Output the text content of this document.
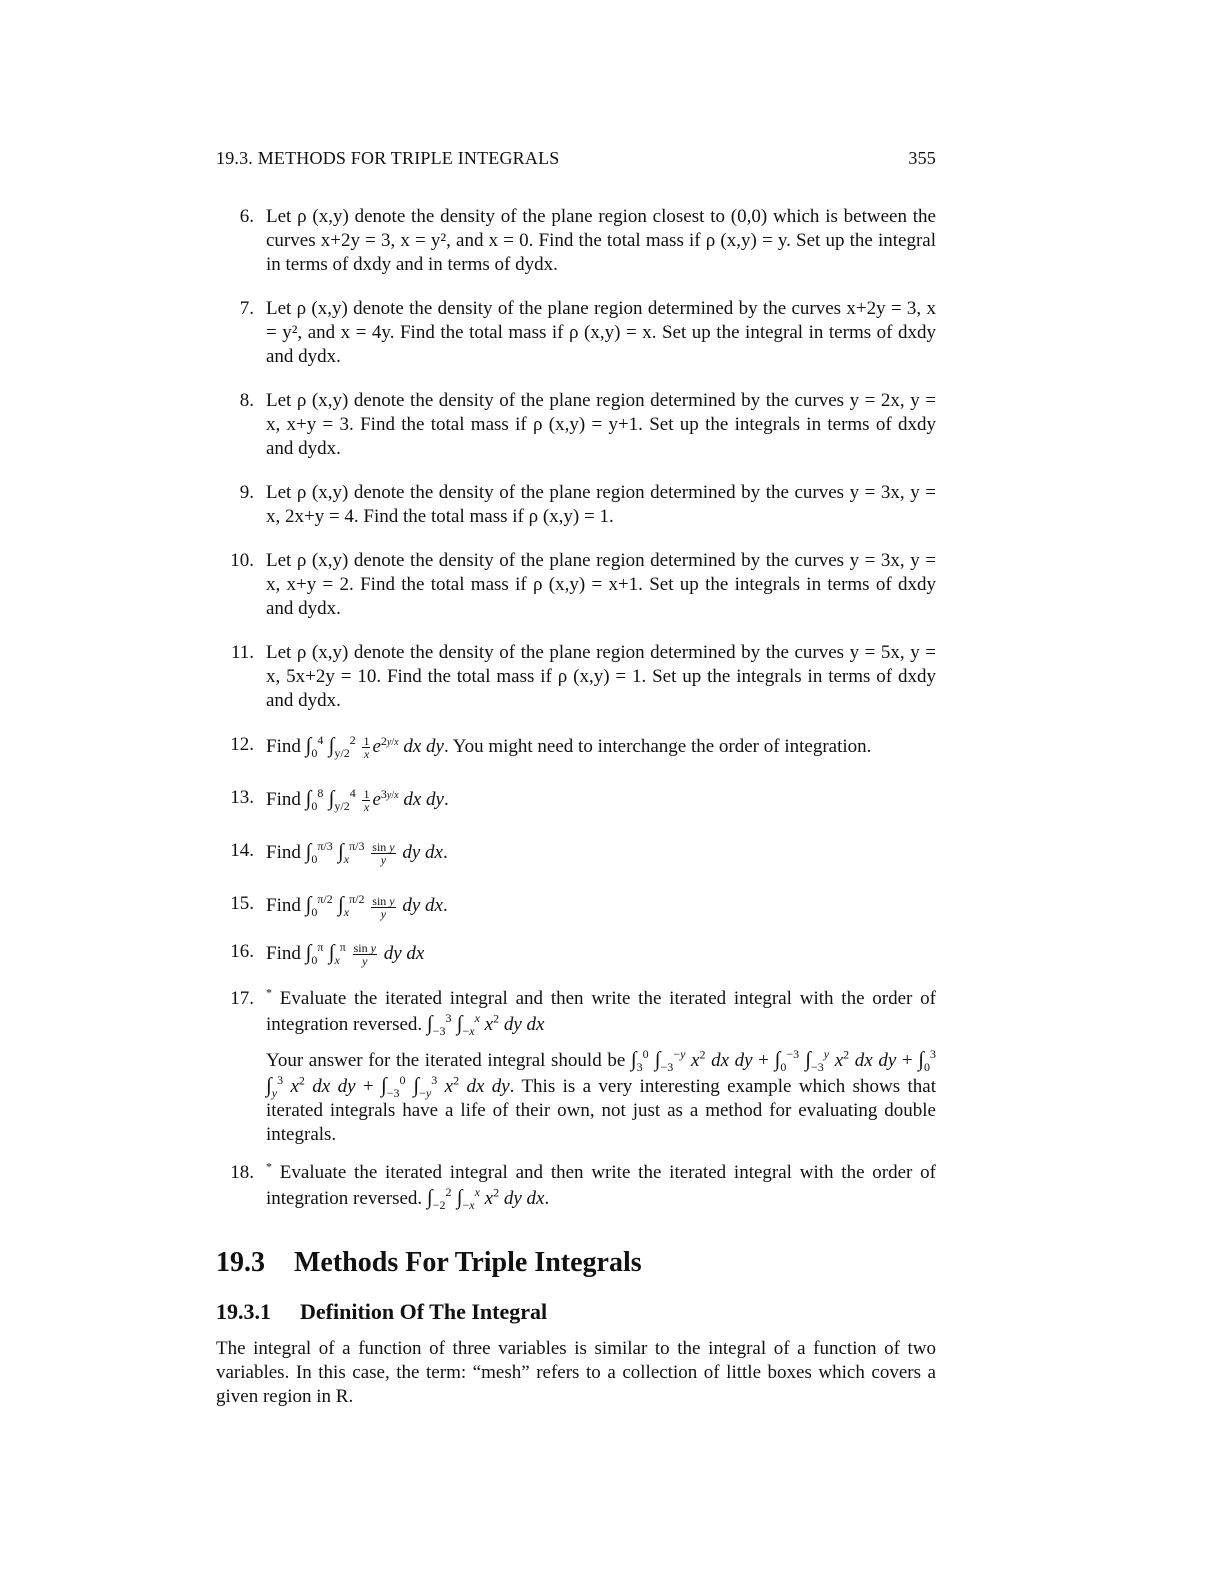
19.3. METHODS FOR TRIPLE INTEGRALS	355
6. Let ρ (x,y) denote the density of the plane region closest to (0,0) which is between the curves x+2y = 3, x = y², and x = 0. Find the total mass if ρ (x,y) = y. Set up the integral in terms of dxdy and in terms of dydx.

7. Let ρ (x,y) denote the density of the plane region determined by the curves x+2y = 3, x = y², and x = 4y. Find the total mass if ρ (x,y) = x. Set up the integral in terms of dxdy and dydx.

8. Let ρ (x,y) denote the density of the plane region determined by the curves y = 2x, y = x, x+y = 3. Find the total mass if ρ (x,y) = y+1. Set up the integrals in terms of dxdy and dydx.

9. Let ρ (x,y) denote the density of the plane region determined by the curves y = 3x, y = x, 2x+y = 4. Find the total mass if ρ (x,y) = 1.

10. Let ρ (x,y) denote the density of the plane region determined by the curves y = 3x, y = x, x+y = 2. Find the total mass if ρ (x,y) = x+1. Set up the integrals in terms of dxdy and dydx.

11. Let ρ (x,y) denote the density of the plane region determined by the curves y = 5x, y = x, 5x+2y = 10. Find the total mass if ρ (x,y) = 1. Set up the integrals in terms of dxdy and dydx.

12. Find $\int_0^4$ $\int_{y/2}^2 \frac{1}{x} e^{2y/x}$ dx dy. You might need to interchange the order of integration.

13. Find $\int_0^8$ $\int_{y/2}^4 \frac{1}{x} e^{3y/x}$ dx dy.

14. Find $\int_0^{\pi/3}$ $\int_x^{\pi/3} \frac{\text{sin y}}{y}$ dy dx.

15. Find $\int_0^{\pi/2}$ $\int_x^{\pi/2} \frac{\text{sin y}}{y}$ dy dx.

16. Find $\int_0^\pi$ $\int_x^\pi \frac{\text{sin y}}{y}$ dy dx

17. * Evaluate the iterated integral and then write the iterated integral with the order of integration reversed. $\int_{-3}^3$ $\int_{-x}^x$ $x^2$ dy dx

Your answer for the iterated integral should be $\int_3^0$ $\int_{-3}^{-y}$ $x^2$ dx dy + $\int_0^{-3}$ $\int_{-3}^y$ $x^2$ dx dy + $\int_0^3$ $\int_y^3$ $x^2$ dx dy + $\int_{-3}^0$ $\int_{-y}^3$ $x^2$ dx dy. This is a very interesting example which shows that iterated integrals have a life of their own, not just as a method for evaluating double integrals.

18. * Evaluate the iterated integral and then write the iterated integral with the order of integration reversed. $\int_{-2}^2$ $\int_{-x}^x$ $x^2$ dy dx.

19.3 Methods For Triple Integrals
19.3.1 Definition Of The Integral

The integral of a function of three variables is similar to the integral of a function of two variables. In this case, the term: “mesh” refers to a collection of little boxes which covers a given region in R.
